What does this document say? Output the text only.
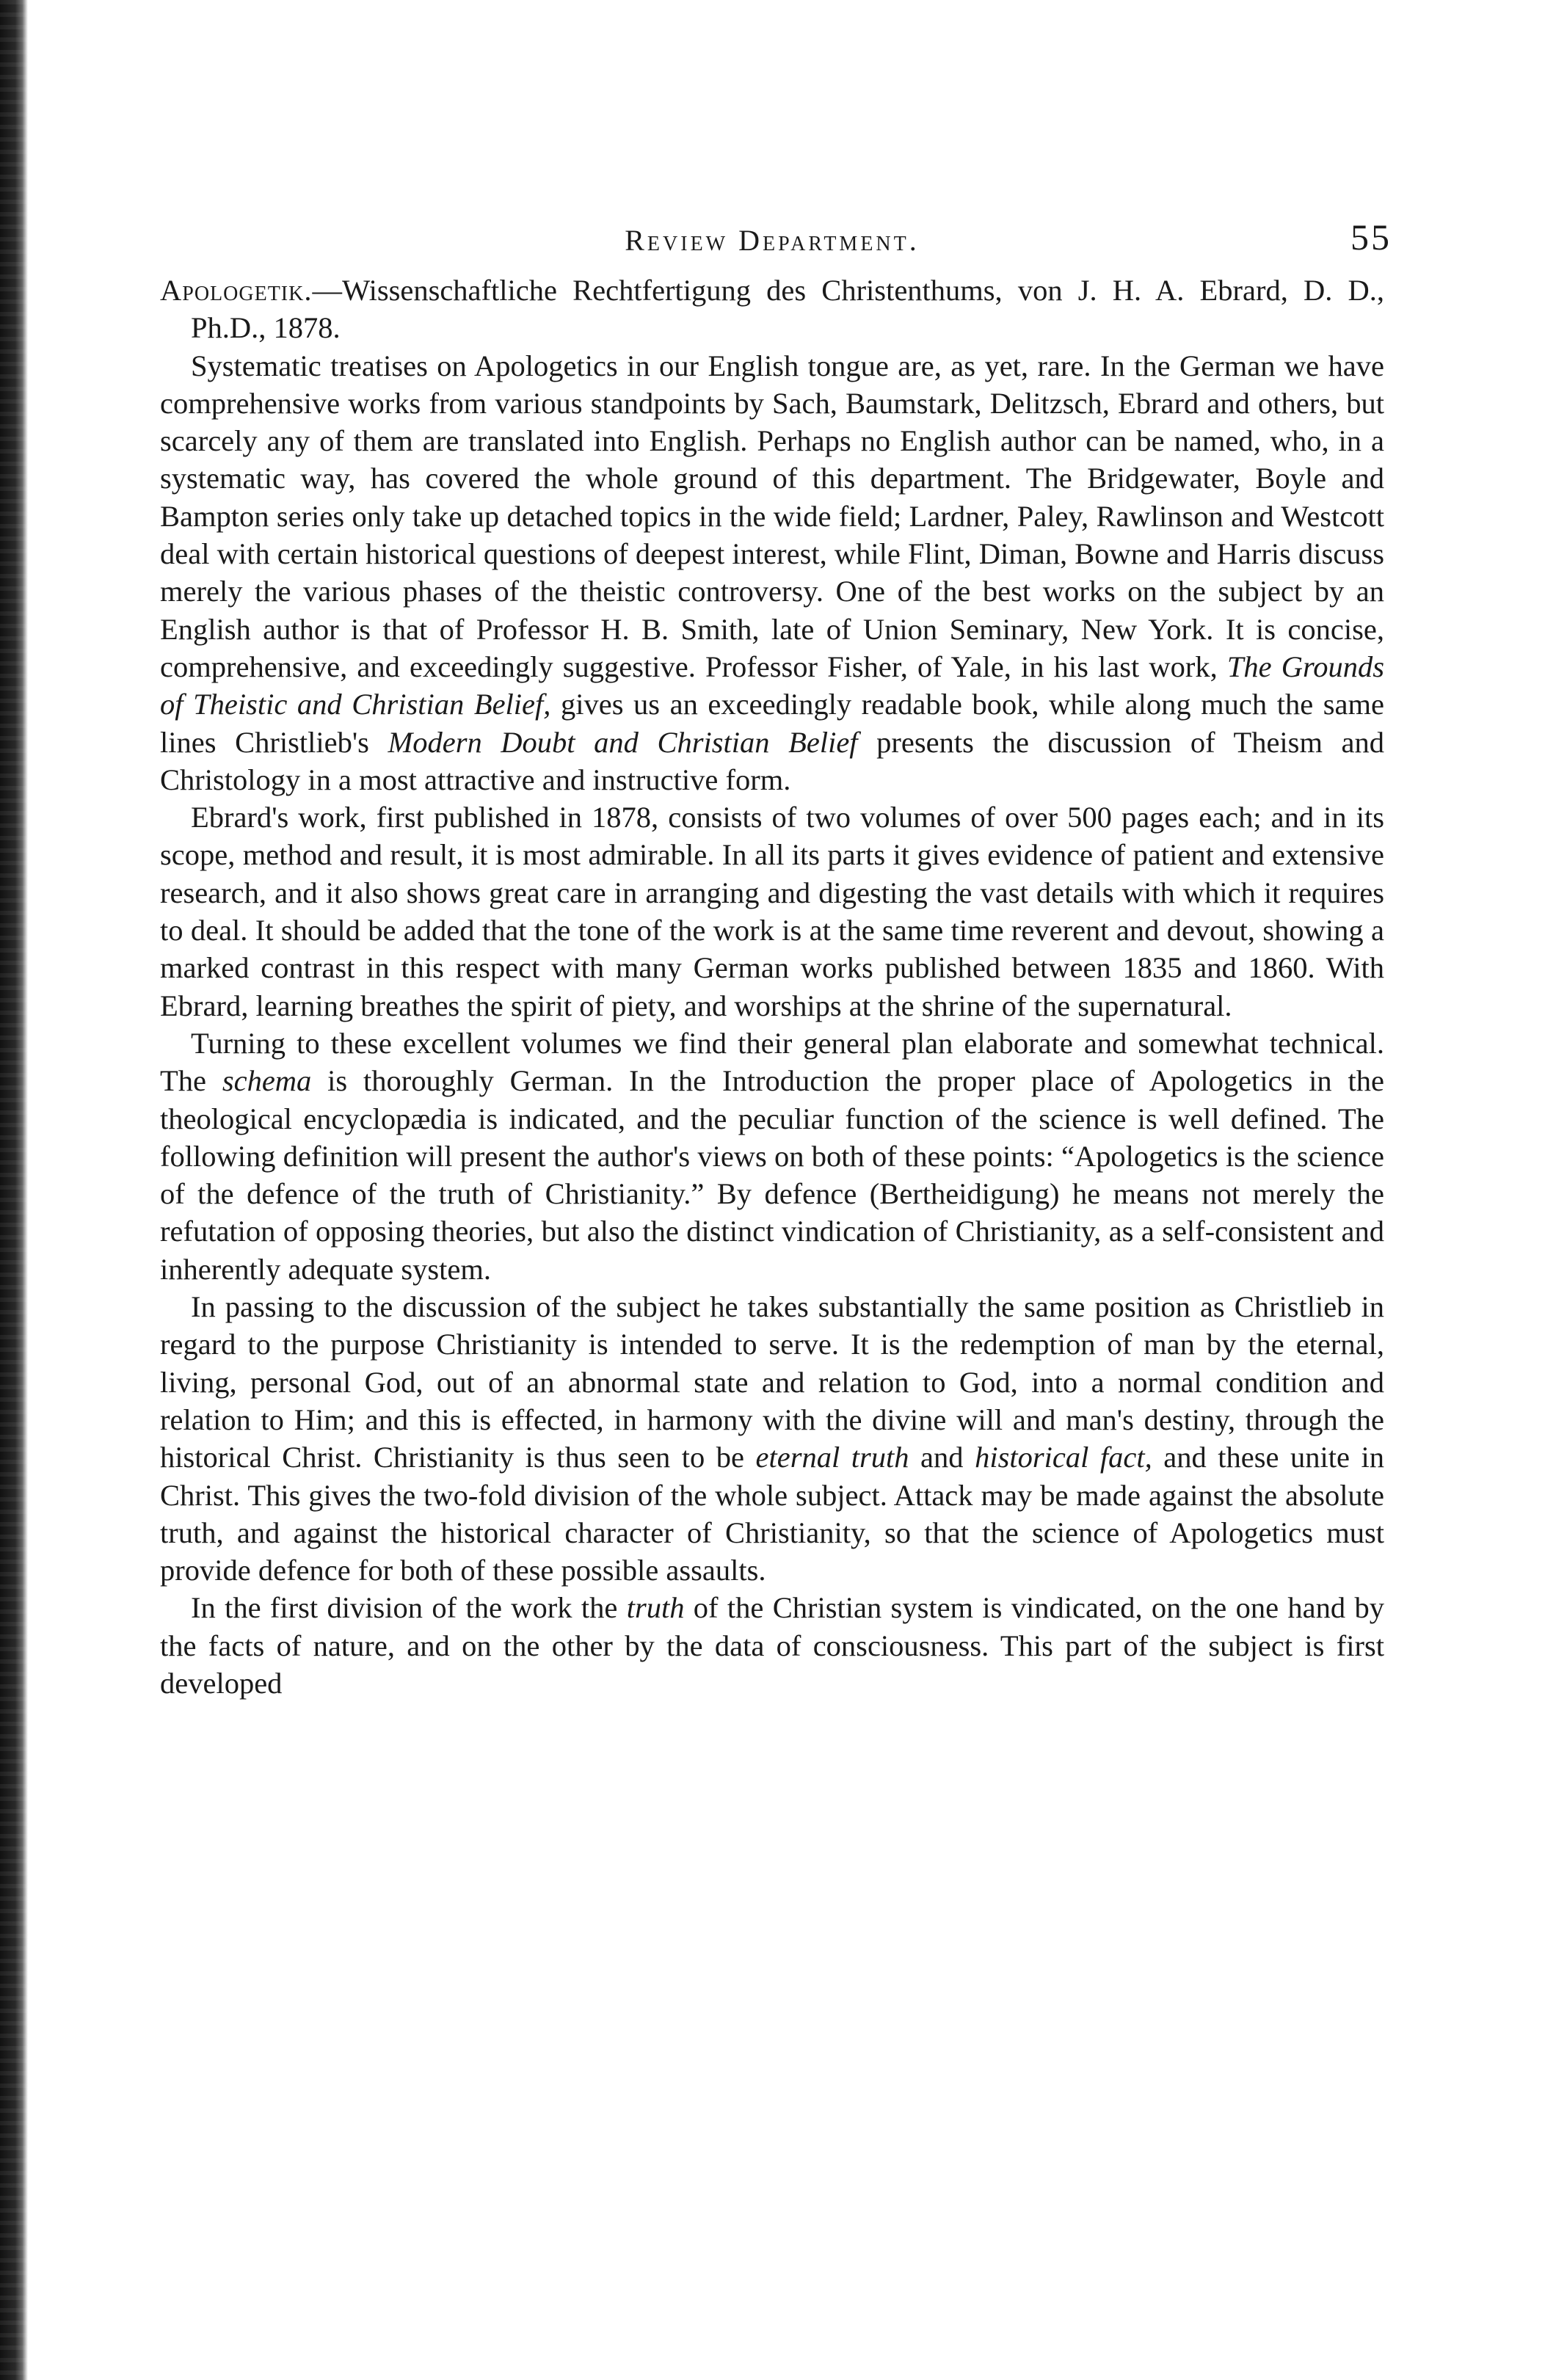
Review Department.	55

Apologetik.—Wissenschaftliche Rechtfertigung des Christenthums, von J. H. A. Ebrard, D. D., Ph.D., 1878.

Systematic treatises on Apologetics in our English tongue are, as yet, rare. In the German we have comprehensive works from various standpoints by Sach, Baumstark, Delitzsch, Ebrard and others, but scarcely any of them are translated into English. Perhaps no English author can be named, who, in a systematic way, has covered the whole ground of this department. The Bridgewater, Boyle and Bampton series only take up detached topics in the wide field; Lardner, Paley, Rawlinson and Westcott deal with certain historical questions of deepest interest, while Flint, Diman, Bowne and Harris discuss merely the various phases of the theistic controversy. One of the best works on the subject by an English author is that of Professor H. B. Smith, late of Union Seminary, New York. It is concise, comprehensive, and exceedingly suggestive. Professor Fisher, of Yale, in his last work, The Grounds of Theistic and Christian Belief, gives us an exceedingly readable book, while along much the same lines Christlieb's Modern Doubt and Christian Belief presents the discussion of Theism and Christology in a most attractive and instructive form.

Ebrard's work, first published in 1878, consists of two volumes of over 500 pages each; and in its scope, method and result, it is most admirable. In all its parts it gives evidence of patient and extensive research, and it also shows great care in arranging and digesting the vast details with which it requires to deal. It should be added that the tone of the work is at the same time reverent and devout, showing a marked contrast in this respect with many German works published between 1835 and 1860. With Ebrard, learning breathes the spirit of piety, and worships at the shrine of the supernatural.

Turning to these excellent volumes we find their general plan elaborate and somewhat technical. The schema is thoroughly German. In the Introduction the proper place of Apologetics in the theological encyclopædia is indicated, and the peculiar function of the science is well defined. The following definition will present the author's views on both of these points: “Apologetics is the science of the defence of the truth of Christianity.” By defence (Bertheidigung) he means not merely the refutation of opposing theories, but also the distinct vindication of Christianity, as a self-consistent and inherently adequate system.

In passing to the discussion of the subject he takes substantially the same position as Christlieb in regard to the purpose Christianity is intended to serve. It is the redemption of man by the eternal, living, personal God, out of an abnormal state and relation to God, into a normal condition and relation to Him; and this is effected, in harmony with the divine will and man's destiny, through the historical Christ. Christianity is thus seen to be eternal truth and historical fact, and these unite in Christ. This gives the two-fold division of the whole subject. Attack may be made against the absolute truth, and against the historical character of Christianity, so that the science of Apologetics must provide defence for both of these possible assaults.

In the first division of the work the truth of the Christian system is vindicated, on the one hand by the facts of nature, and on the other by the data of consciousness. This part of the subject is first developed
